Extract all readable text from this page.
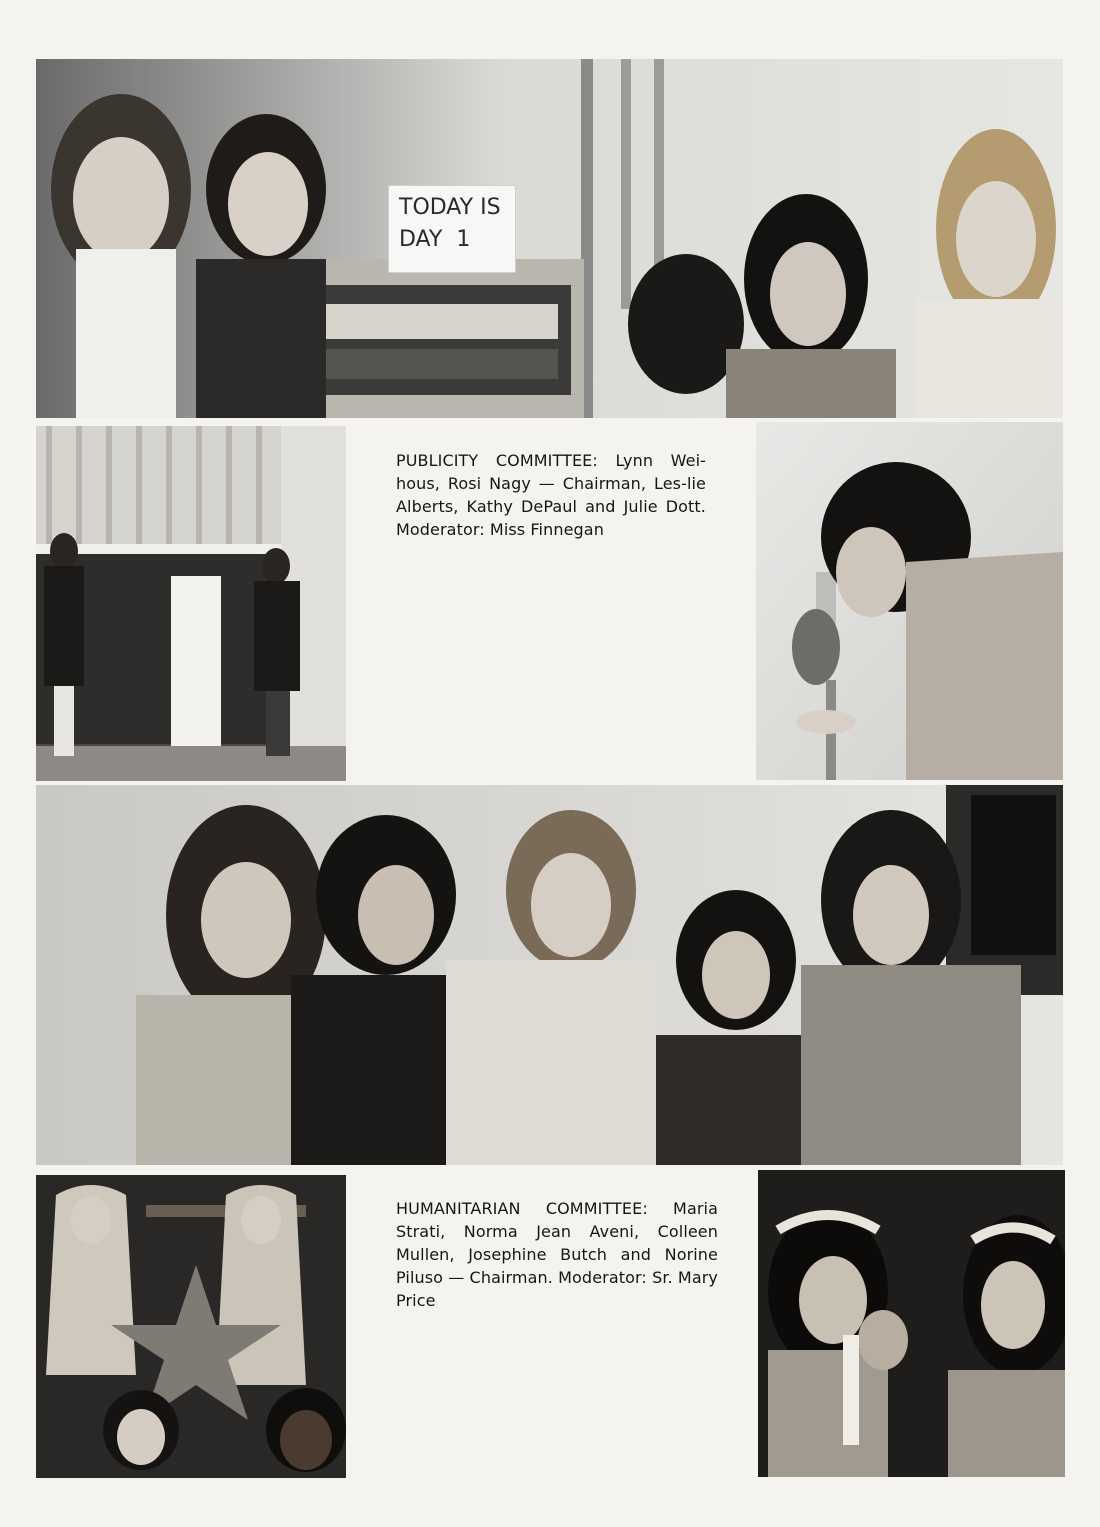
TODAY IS
DAY  1
PUBLICITY COMMITTEE: Lynn Wei-hous, Rosi Nagy — Chairman, Les-lie Alberts, Kathy DePaul and Julie Dott. Moderator: Miss Finnegan
HUMANITARIAN COMMITTEE: Maria Strati, Norma Jean Aveni, Colleen Mullen, Josephine Butch and Norine Piluso — Chairman. Moderator: Sr. Mary Price
